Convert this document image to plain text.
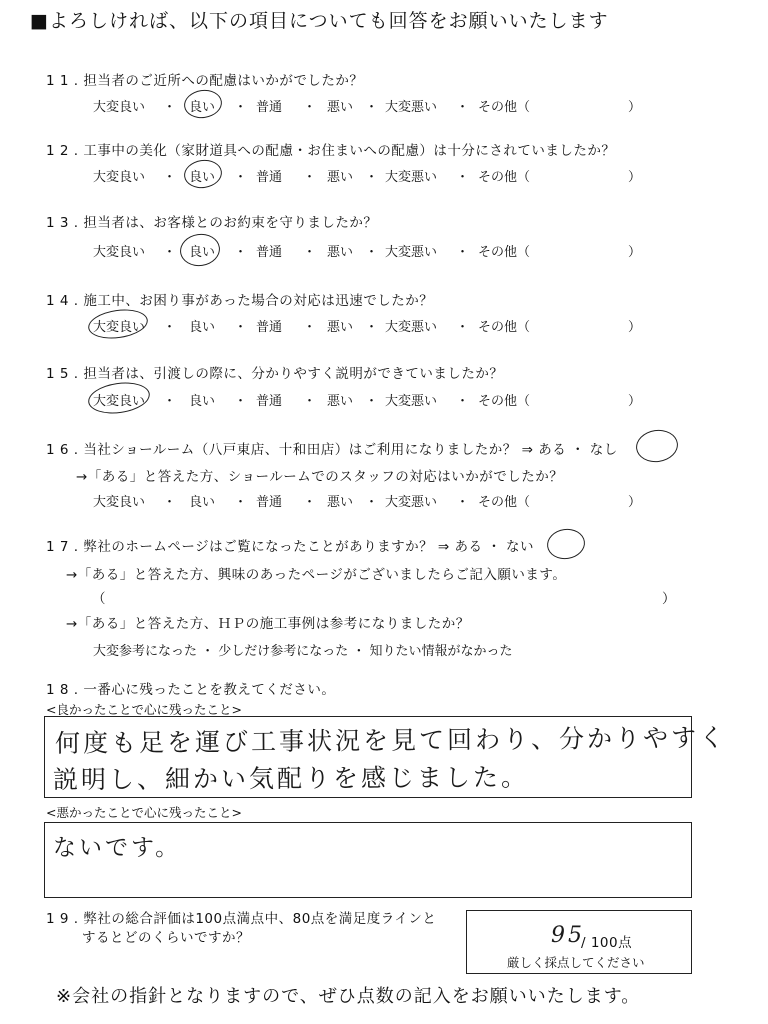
■よろしければ、以下の項目についても回答をお願いいたします
1 1 . 担当者のご近所への配慮はいかがでしたか？
大変良い ・ 良い ・ 普通 ・ 悪い ・ 大変悪い ・ その他（	）
1 2 . 工事中の美化（家財道具への配慮・お住まいへの配慮）は十分にされていましたか？
大変良い ・ 良い ・ 普通 ・ 悪い ・ 大変悪い ・ その他（	）
1 3 . 担当者は、お客様とのお約束を守りましたか？
大変良い ・ 良い ・ 普通 ・ 悪い ・ 大変悪い ・ その他（	）
1 4 . 施工中、お困り事があった場合の対応は迅速でしたか？
大変良い ・ 良い ・ 普通 ・ 悪い ・ 大変悪い ・ その他（	）
1 5 . 担当者は、引渡しの際に、分かりやすく説明ができていましたか？
大変良い ・ 良い ・ 普通 ・ 悪い ・ 大変悪い ・ その他（	）
1 6 . 当社ショールーム（八戸東店、十和田店）はご利用になりましたか？ ⇒ ある ・ なし
→「ある」と答えた方、ショールームでのスタッフの対応はいかがでしたか？
大変良い ・ 良い ・ 普通 ・ 悪い ・ 大変悪い ・ その他（	）
1 7 . 弊社のホームページはご覧になったことがありますか？ ⇒ ある ・ ない
→「ある」と答えた方、興味のあったページがございましたらご記入願います。
（	）
→「ある」と答えた方、ＨＰの施工事例は参考になりましたか？
大変参考になった ・ 少しだけ参考になった ・ 知りたい情報がなかった
1 8 . 一番心に残ったことを教えてください。
<良かったことで心に残ったこと>
何度も足を運び工事状況を見て回わり、分かりやすく
説明し、細かい気配りを感じました。
<悪かったことで心に残ったこと>
ないです。
1 9 . 弊社の総合評価は100点満点中、80点を満足度ラインと
するとどのくらいですか？	95
/ 100点
厳しく採点してください
※会社の指針となりますので、ぜひ点数の記入をお願いいたします。
